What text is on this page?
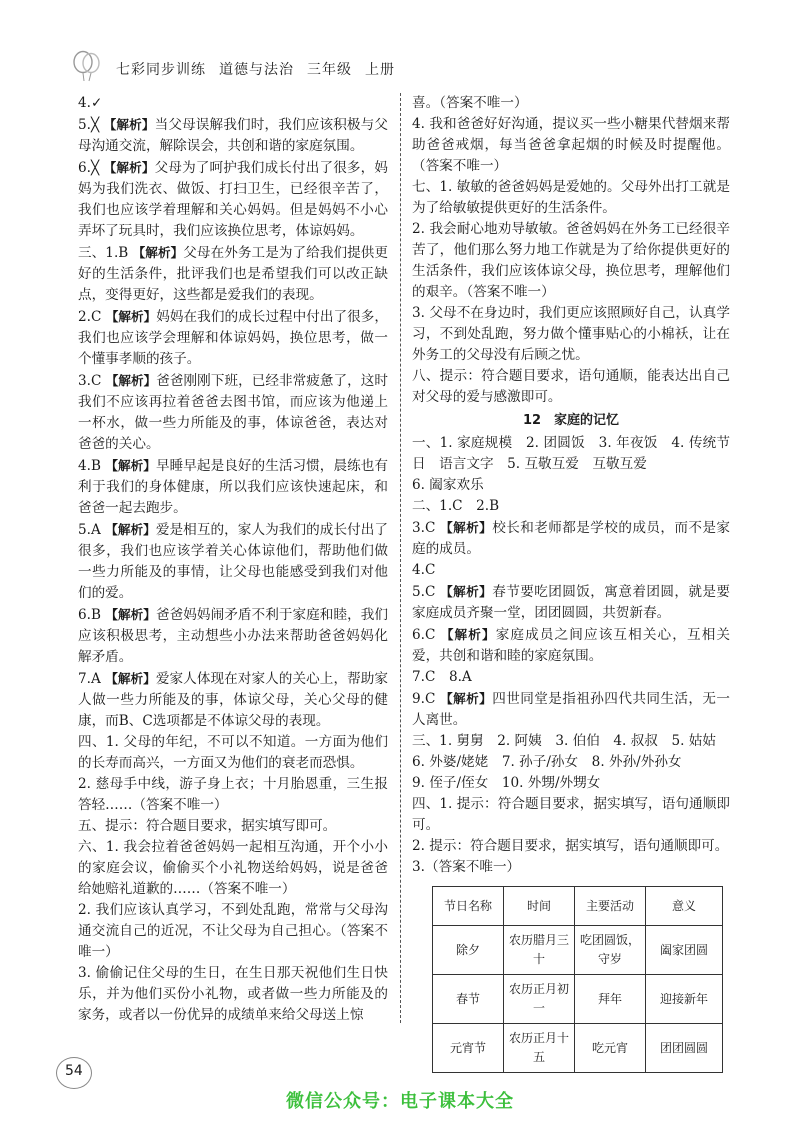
七彩同步训练 道德与法治 三年级 上册

4.✓

5.╳ 【解析】当父母误解我们时，我们应该积极与父母沟通交流，解除误会，共创和谐的家庭氛围。

6.╳ 【解析】父母为了呵护我们成长付出了很多，妈妈为我们洗衣、做饭、打扫卫生，已经很辛苦了，我们也应该学着理解和关心妈妈。但是妈妈不小心弄坏了玩具时，我们应该换位思考，体谅妈妈。

三、1.B 【解析】父母在外务工是为了给我们提供更好的生活条件，批评我们也是希望我们可以改正缺点，变得更好，这些都是爱我们的表现。

2.C 【解析】妈妈在我们的成长过程中付出了很多，我们也应该学会理解和体谅妈妈，换位思考，做一个懂事孝顺的孩子。

3.C 【解析】爸爸刚刚下班，已经非常疲惫了，这时我们不应该再拉着爸爸去图书馆，而应该为他递上一杯水，做一些力所能及的事，体谅爸爸，表达对爸爸的关心。

4.B 【解析】早睡早起是良好的生活习惯，晨练也有利于我们的身体健康，所以我们应该快速起床，和爸爸一起去跑步。

5.A 【解析】爱是相互的，家人为我们的成长付出了很多，我们也应该学着关心体谅他们，帮助他们做一些力所能及的事情，让父母也能感受到我们对他们的爱。

6.B 【解析】爸爸妈妈闹矛盾不利于家庭和睦，我们应该积极思考，主动想些小办法来帮助爸爸妈妈化解矛盾。

7.A 【解析】爱家人体现在对家人的关心上，帮助家人做一些力所能及的事，体谅父母，关心父母的健康，而B、C选项都是不体谅父母的表现。

四、1. 父母的年纪，不可以不知道。一方面为他们的长寿而高兴，一方面又为他们的衰老而恐惧。

2. 慈母手中线，游子身上衣；十月胎恩重，三生报答轻……（答案不唯一）

五、提示：符合题目要求，据实填写即可。

六、1. 我会拉着爸爸妈妈一起相互沟通，开个小小的家庭会议，偷偷买个小礼物送给妈妈，说是爸爸给她赔礼道歉的……（答案不唯一）

2. 我们应该认真学习，不到处乱跑，常常与父母沟通交流自己的近况，不让父母为自己担心。（答案不唯一）

3. 偷偷记住父母的生日，在生日那天祝他们生日快乐，并为他们买份小礼物，或者做一些力所能及的家务，或者以一份优异的成绩单来给父母送上惊

喜。（答案不唯一）

4. 我和爸爸好好沟通，提议买一些小糖果代替烟来帮助爸爸戒烟，每当爸爸拿起烟的时候及时提醒他。（答案不唯一）

七、1. 敏敏的爸爸妈妈是爱她的。父母外出打工就是为了给敏敏提供更好的生活条件。

2. 我会耐心地劝导敏敏。爸爸妈妈在外务工已经很辛苦了，他们那么努力地工作就是为了给你提供更好的生活条件，我们应该体谅父母，换位思考，理解他们的艰辛。（答案不唯一）

3. 父母不在身边时，我们更应该照顾好自己，认真学习，不到处乱跑，努力做个懂事贴心的小棉袄，让在外务工的父母没有后顾之忧。

八、提示：符合题目要求，语句通顺，能表达出自己对父母的爱与感激即可。

12　家庭的记忆

一、1. 家庭规模　2. 团圆饭　3. 年夜饭　4. 传统节日　语言文字　5. 互敬互爱　互敬互爱

6. 阖家欢乐

二、1.C　2.B

3.C 【解析】校长和老师都是学校的成员，而不是家庭的成员。

4.C

5.C 【解析】春节要吃团圆饭，寓意着团圆，就是要家庭成员齐聚一堂，团团圆圆，共贺新春。

6.C 【解析】家庭成员之间应该互相关心，互相关爱，共创和谐和睦的家庭氛围。

7.C　8.A

9.C 【解析】四世同堂是指祖孙四代共同生活，无一人离世。

三、1. 舅舅　2. 阿姨　3. 伯伯　4. 叔叔　5. 姑姑

6. 外婆/姥姥　7. 孙子/孙女　8. 外孙/外孙女

9. 侄子/侄女　10. 外甥/外甥女

四、1. 提示：符合题目要求，据实填写，语句通顺即可。

2. 提示：符合题目要求，据实填写，语句通顺即可。

3.（答案不唯一）

节日名称	时间	主要活动	意义
除夕	农历腊月三十	吃团圆饭，守岁	阖家团圆
春节	农历正月初一	拜年	迎接新年
元宵节	农历正月十五	吃元宵	团团圆圆
54
微信公众号：电子课本大全
